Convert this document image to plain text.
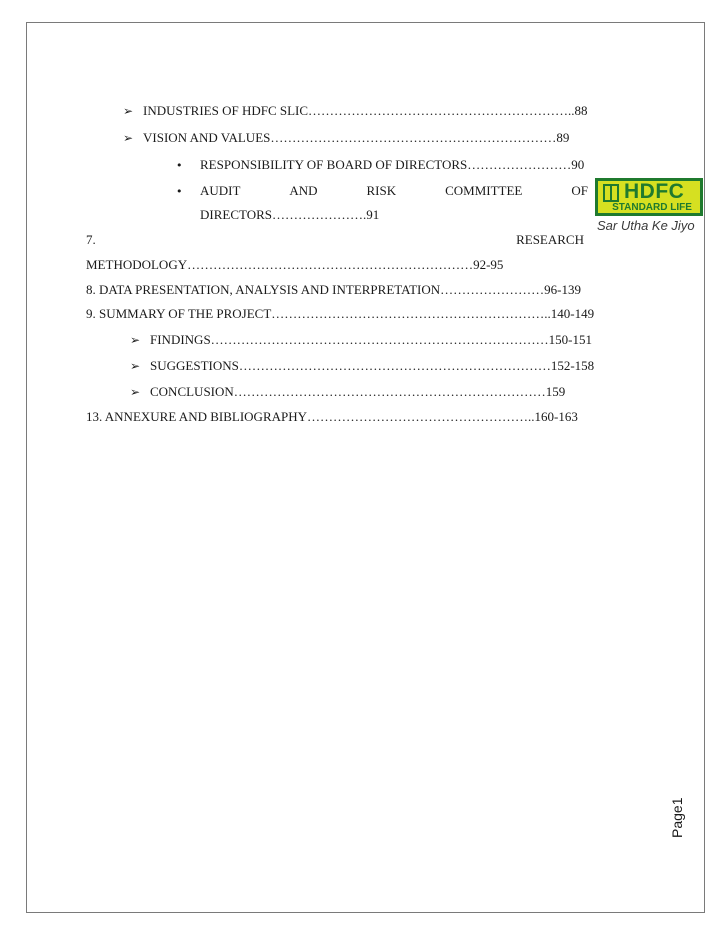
➢ INDUSTRIES OF HDFC SLIC……………………………………………………..88
➢ VISION AND VALUES…………………………………………………………89
• RESPONSIBILITY OF BOARD OF DIRECTORS……………………90
•	AUDIT	AND	RISK	COMMITTEE	OF
DIRECTORS………………….91
7.	RESEARCH
METHODOLOGY…………………………………………………………92-95
8. DATA PRESENTATION, ANALYSIS AND INTERPRETATION……………………96-139
9. SUMMARY OF THE PROJECT………………………………………………………..140-149
➢ FINDINGS……………………………………………………………………150-151
➢ SUGGESTIONS………………………………………………………………152-158
➢ CONCLUSION………………………………………………………………159
13. ANNEXURE AND BIBLIOGRAPHY……………………………………………..160-163
HDFC
STANDARD LIFE
Sar Utha Ke Jiyo
Page1
